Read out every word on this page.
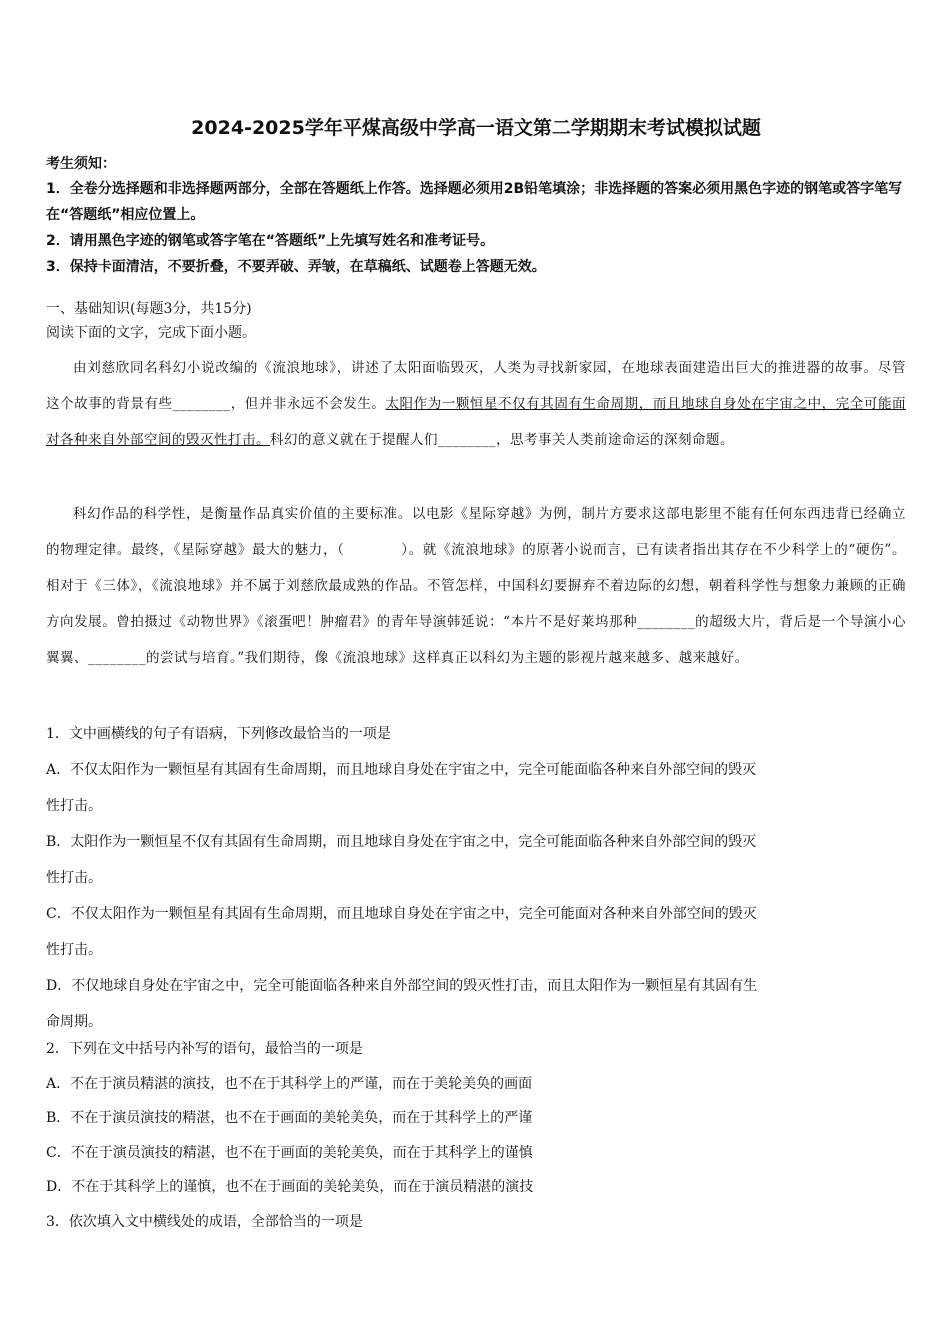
2024-2025学年平煤高级中学高一语文第二学期期末考试模拟试题
考生须知：
1．全卷分选择题和非选择题两部分，全部在答题纸上作答。选择题必须用2B铅笔填涂；非选择题的答案必须用黑色字迹的钢笔或答字笔写在“答题纸”相应位置上。
2．请用黑色字迹的钢笔或答字笔在“答题纸”上先填写姓名和准考证号。
3．保持卡面清洁，不要折叠，不要弄破、弄皱，在草稿纸、试题卷上答题无效。
一、基础知识(每题3分，共15分)
阅读下面的文字，完成下面小题。
由刘慈欣同名科幻小说改编的《流浪地球》，讲述了太阳面临毁灭，人类为寻找新家园，在地球表面建造出巨大的推进器的故事。尽管这个故事的背景有些________，但并非永远不会发生。太阳作为一颗恒星不仅有其固有生命周期，而且地球自身处在宇宙之中，完全可能面对各种来自外部空间的毁灭性打击。科幻的意义就在于提醒人们________，思考事关人类前途命运的深刻命题。
科幻作品的科学性，是衡量作品真实价值的主要标准。以电影《星际穿越》为例，制片方要求这部电影里不能有任何东西违背已经确立的物理定律。最终，《星际穿越》最大的魅力，（　　　　）。就《流浪地球》的原著小说而言，已有读者指出其存在不少科学上的“硬伤”。相对于《三体》，《流浪地球》并不属于刘慈欣最成熟的作品。不管怎样，中国科幻要摒弃不着边际的幻想，朝着科学性与想象力兼顾的正确方向发展。曾拍摄过《动物世界》《滚蛋吧！肿瘤君》的青年导演韩延说：“本片不是好莱坞那种________的超级大片，背后是一个导演小心翼翼、________的尝试与培育。”我们期待，像《流浪地球》这样真正以科幻为主题的影视片越来越多、越来越好。
1．文中画横线的句子有语病，下列修改最恰当的一项是
A．不仅太阳作为一颗恒星有其固有生命周期，而且地球自身处在宇宙之中，完全可能面临各种来自外部空间的毁灭
性打击。
B．太阳作为一颗恒星不仅有其固有生命周期，而且地球自身处在宇宙之中，完全可能面临各种来自外部空间的毁灭
性打击。
C．不仅太阳作为一颗恒星有其固有生命周期，而且地球自身处在宇宙之中，完全可能面对各种来自外部空间的毁灭
性打击。
D．不仅地球自身处在宇宙之中，完全可能面临各种来自外部空间的毁灭性打击，而且太阳作为一颗恒星有其固有生
命周期。
2．下列在文中括号内补写的语句，最恰当的一项是
A．不在于演员精湛的演技，也不在于其科学上的严谨，而在于美轮美奂的画面
B．不在于演员演技的精湛，也不在于画面的美轮美奂，而在于其科学上的严谨
C．不在于演员演技的精湛，也不在于画面的美轮美奂，而在于其科学上的谨慎
D．不在于其科学上的谨慎，也不在于画面的美轮美奂，而在于演员精湛的演技
3．依次填入文中横线处的成语，全部恰当的一项是
